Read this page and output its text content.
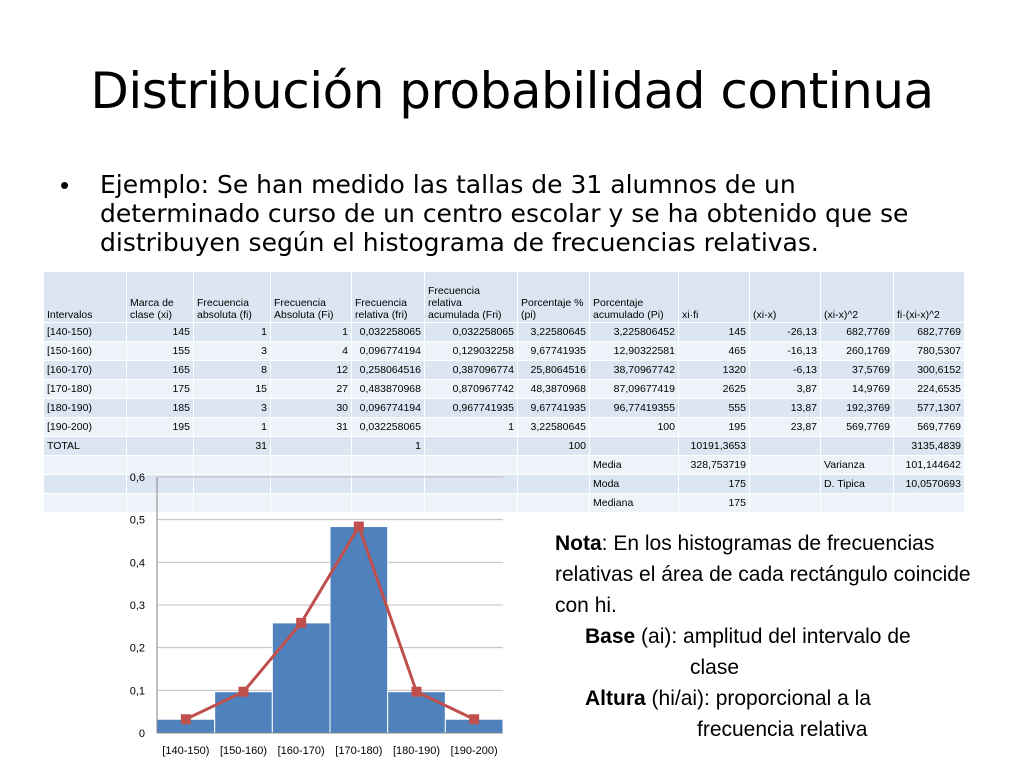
Distribución probabilidad continua
• Ejemplo: Se han medido las tallas de 31 alumnos de un determinado curso de un centro escolar y se ha obtenido que se distribuyen según el histograma de frecuencias relativas.
Intervalos	Marca de clase (xi)	Frecuencia absoluta (fi)	Frecuencia Absoluta (Fi)	Frecuencia relativa (fri)	Frecuencia relativa acumulada (Fri)	Porcentaje % (pi)	Porcentaje acumulado (Pi)	xi·fi	(xi-x)	(xi-x)^2	fi·(xi-x)^2
[140-150)	145	1	1	0,032258065	0,032258065	3,22580645	3,225806452	145	-26,13	682,7769	682,7769
[150-160)	155	3	4	0,096774194	0,129032258	9,67741935	12,90322581	465	-16,13	260,1769	780,5307
[160-170)	165	8	12	0,258064516	0,387096774	25,8064516	38,70967742	1320	-6,13	37,5769	300,6152
[170-180)	175	15	27	0,483870968	0,870967742	48,3870968	87,09677419	2625	3,87	14,9769	224,6535
[180-190)	185	3	30	0,096774194	0,967741935	9,67741935	96,77419355	555	13,87	192,3769	577,1307
[190-200)	195	1	31	0,032258065	1	3,22580645	100	195	23,87	569,7769	569,7769
TOTAL		31		1		100		10191,3653			3135,4839
							Media	328,753719		Varianza	101,144642
							Moda	175		D. Tipica	10,0570693
							Mediana	175			
0
0,1
0,2
0,3
0,4
0,5
0,6
[140-150) [150-160) [160-170) [170-180) [180-190) [190-200)
Nota: En los histogramas de frecuencias relativas el área de cada rectángulo coincide con hi.
Base (ai): amplitud del intervalo de
clase
Altura (hi/ai): proporcional a la
frecuencia relativa
